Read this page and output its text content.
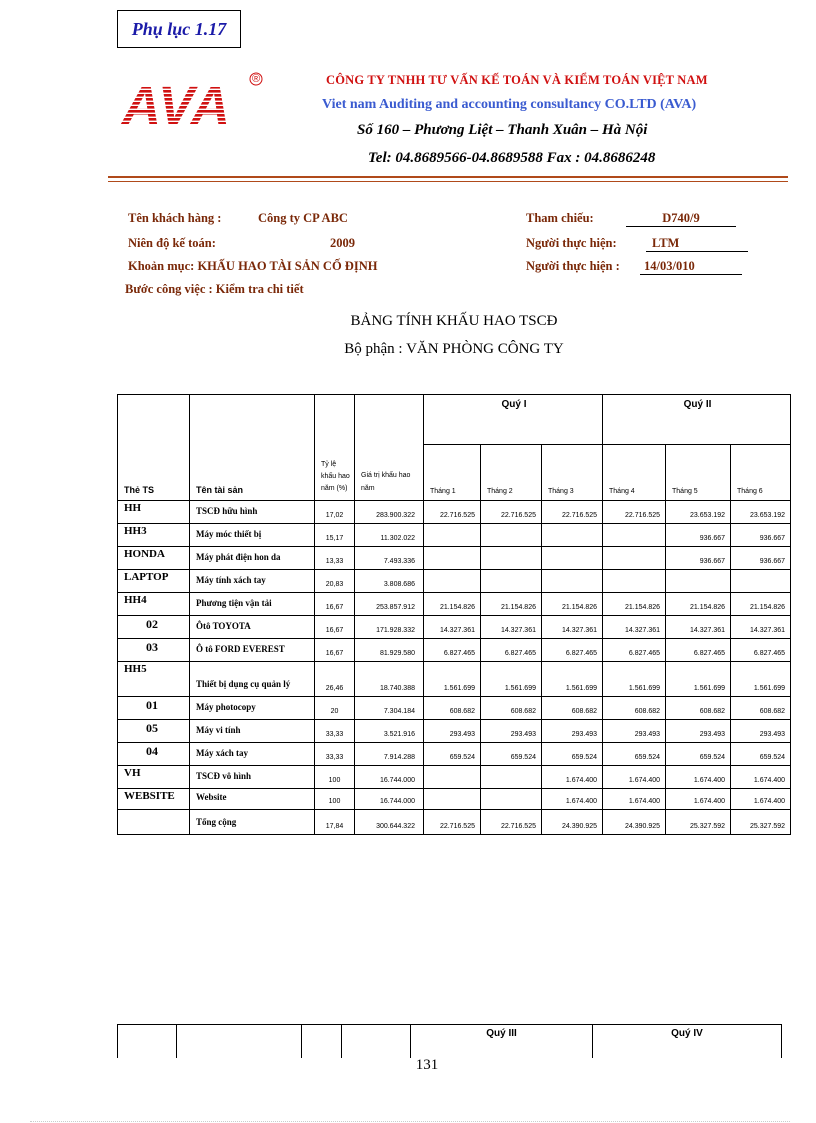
Phụ lục 1.17
AVA ®	CÔNG TY TNHH TƯ VẤN KẾ TOÁN VÀ KIỂM TOÁN VIỆT NAM
Viet nam Auditing and accounting consultancy CO.LTD (AVA)
Số 160 – Phương Liệt – Thanh Xuân – Hà Nội
Tel: 04.8689566-04.8689588 Fax : 04.8686248
Tên khách hàng :	Công ty CP ABC
Niên độ kế toán:	2009
Khoản mục: KHẤU HAO TÀI SẢN CỐ ĐỊNH
Bước công việc : Kiểm tra chi tiết
Tham chiếu:	D740/9
Người thực hiện:	LTM
Người thực hiện :	14/03/010
BẢNG TÍNH KHẤU HAO TSCĐ
Bộ phận : VĂN PHÒNG CÔNG TY
Thẻ TS	Tên tài sản	Tỷ lệ khấu hao năm (%)	Giá trị khấu hao năm	Quý I			Quý II		
				Tháng 1	Tháng 2	Tháng 3	Tháng 4	Tháng 5	Tháng 6
HH	TSCĐ hữu hình	17,02	283.900.322	22.716.525	22.716.525	22.716.525	22.716.525	23.653.192	23.653.192
HH3	Máy móc thiết bị	15,17	11.302.022					936.667	936.667
HONDA	Máy phát điện hon da	13,33	7.493.336					936.667	936.667
LAPTOP	Máy tính xách tay	20,83	3.808.686						
HH4	Phương tiện vận tải	16,67	253.857.912	21.154.826	21.154.826	21.154.826	21.154.826	21.154.826	21.154.826
02	Ôtô TOYOTA	16,67	171.928.332	14.327.361	14.327.361	14.327.361	14.327.361	14.327.361	14.327.361
03	Ô tô FORD EVEREST	16,67	81.929.580	6.827.465	6.827.465	6.827.465	6.827.465	6.827.465	6.827.465
HH5	Thiết bị dụng cụ quản lý	26,46	18.740.388	1.561.699	1.561.699	1.561.699	1.561.699	1.561.699	1.561.699
01	Máy photocopy	20	7.304.184	608.682	608.682	608.682	608.682	608.682	608.682
05	Máy vi tính	33,33	3.521.916	293.493	293.493	293.493	293.493	293.493	293.493
04	Máy xách tay	33,33	7.914.288	659.524	659.524	659.524	659.524	659.524	659.524
VH	TSCĐ vô hình	100	16.744.000			1.674.400	1.674.400	1.674.400	1.674.400
WEBSITE	Website	100	16.744.000			1.674.400	1.674.400	1.674.400	1.674.400
	Tổng cộng	17,84	300.644.322	22.716.525	22.716.525	24.390.925	24.390.925	25.327.592	25.327.592
				Quý III	Quý IV
131
